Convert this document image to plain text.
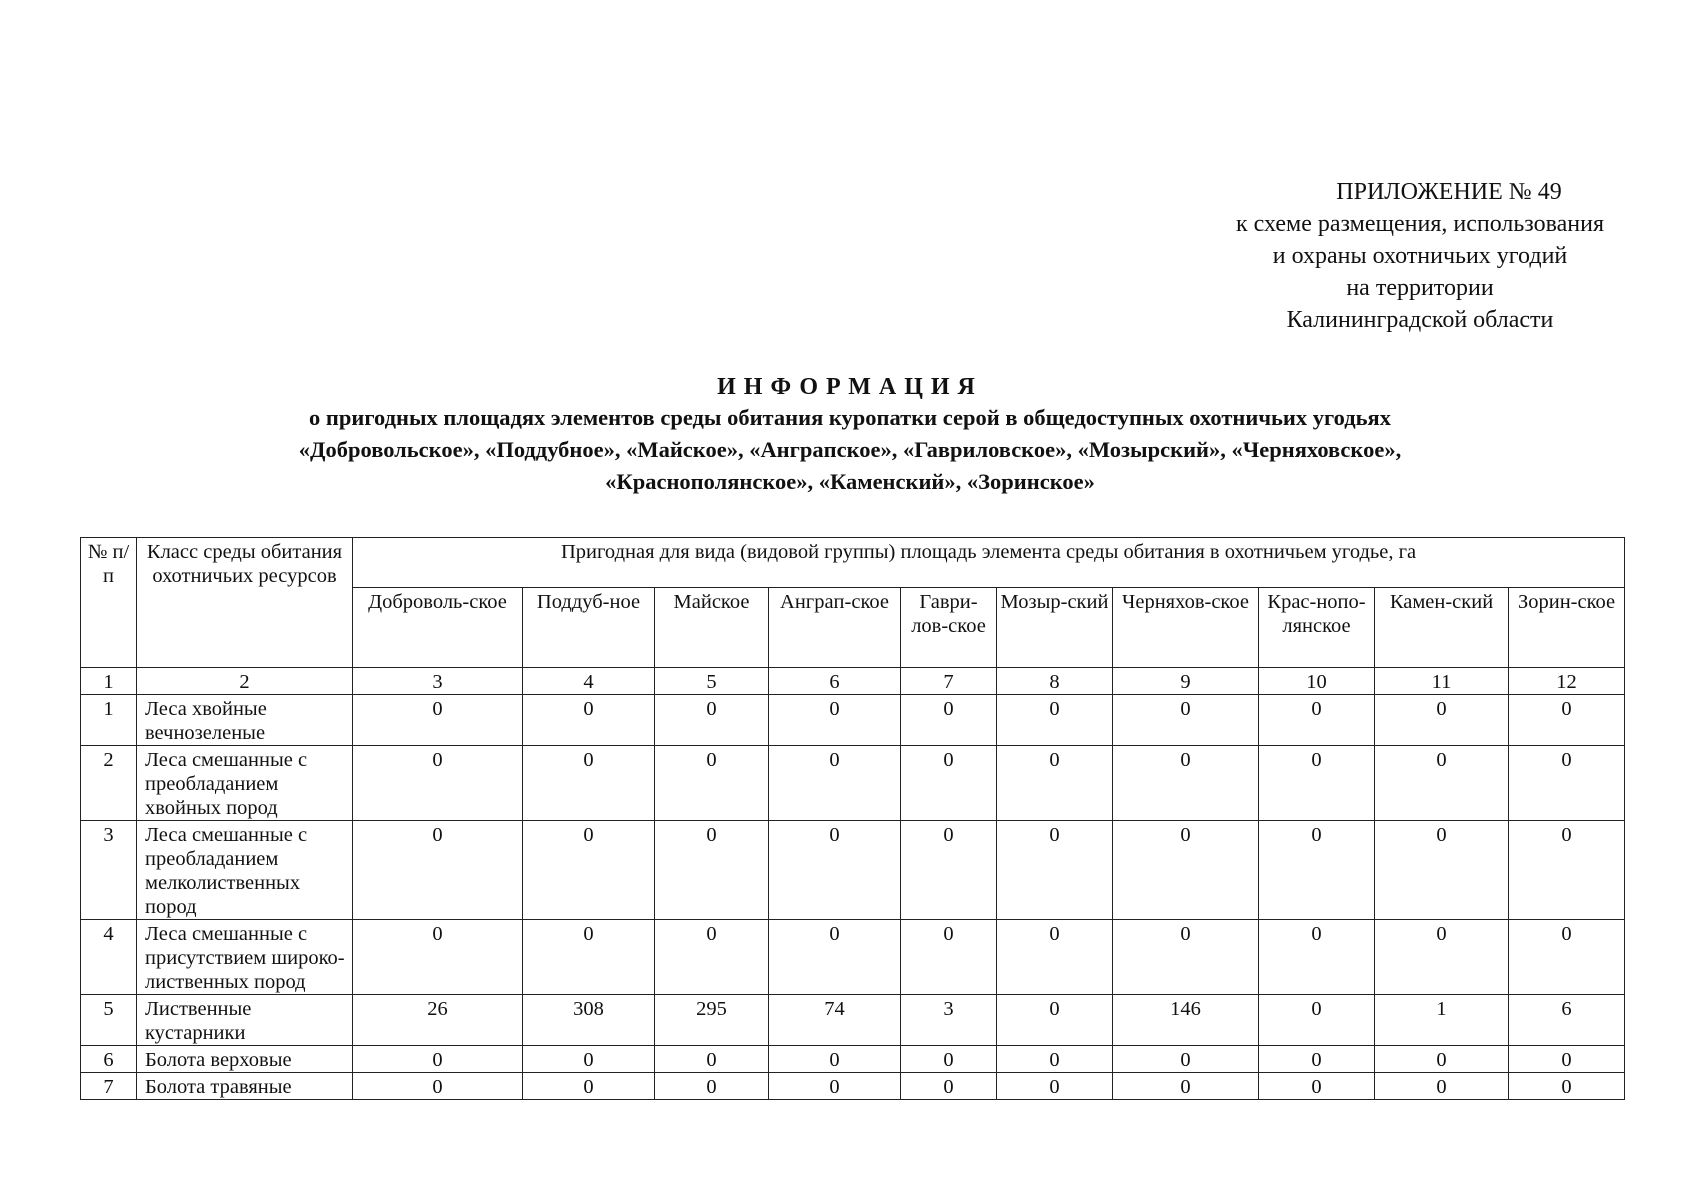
ПРИЛОЖЕНИЕ № 49
к схеме размещения, использования
и охраны охотничьих угодий
на территории
Калининградской области
ИНФОРМАЦИЯ
о пригодных площадях элементов среды обитания куропатки серой в общедоступных охотничьих угодьях
«Добровольское», «Поддубное», «Майское», «Ангрaпское», «Гавриловское», «Мозырский», «Черняховское»,
«Краснополянское», «Каменский», «Зоринское»
№ п/п	Класс среды обитания охотничьих ресурсов	Пригодная для вида (видовой группы) площадь элемента среды обитания в охотничьем угодье, га									
		Доброволь-ское	Поддуб-ное	Майское	Ангрaп-ское	Гаври-лов-ское	Мозыр-ский	Черняхов-ское	Крас-нопо-лянское	Камен-ский	Зорин-ское
1	2	3	4	5	6	7	8	9	10	11	12
1	Леса хвойные вечнозеленые	0	0	0	0	0	0	0	0	0	0
2	Леса смешанные с преобладанием хвойных пород	0	0	0	0	0	0	0	0	0	0
3	Леса смешанные с преобладанием мелколиственных пород	0	0	0	0	0	0	0	0	0	0
4	Леса смешанные с присутствием широко-лиственных пород	0	0	0	0	0	0	0	0	0	0
5	Лиственные кустарники	26	308	295	74	3	0	146	0	1	6
6	Болота верховые	0	0	0	0	0	0	0	0	0	0
7	Болота травяные	0	0	0	0	0	0	0	0	0	0
